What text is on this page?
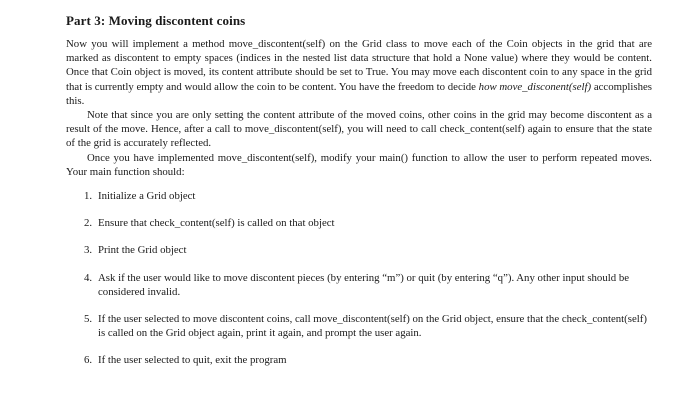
Part 3: Moving discontent coins

Now you will implement a method move_discontent(self) on the Grid class to move each of the Coin objects in the grid that are marked as discontent to empty spaces (indices in the nested list data structure that hold a None value) where they would be content. Once that Coin object is moved, its content attribute should be set to True. You may move each discontent coin to any space in the grid that is currently empty and would allow the coin to be content. You have the freedom to decide how move_disconent(self) accomplishes this.

Note that since you are only setting the content attribute of the moved coins, other coins in the grid may become discontent as a result of the move. Hence, after a call to move_discontent(self), you will need to call check_content(self) again to ensure that the state of the grid is accurately reflected.

Once you have implemented move_discontent(self), modify your main() function to allow the user to perform repeated moves. Your main function should:

1. Initialize a Grid object
2. Ensure that check_content(self) is called on that object
3. Print the Grid object
4. Ask if the user would like to move discontent pieces (by entering “m”) or quit (by entering “q”). Any other input should be considered invalid.
5. If the user selected to move discontent coins, call move_discontent(self) on the Grid object, ensure that the check_content(self) is called on the Grid object again, print it again, and prompt the user again.
6. If the user selected to quit, exit the program
